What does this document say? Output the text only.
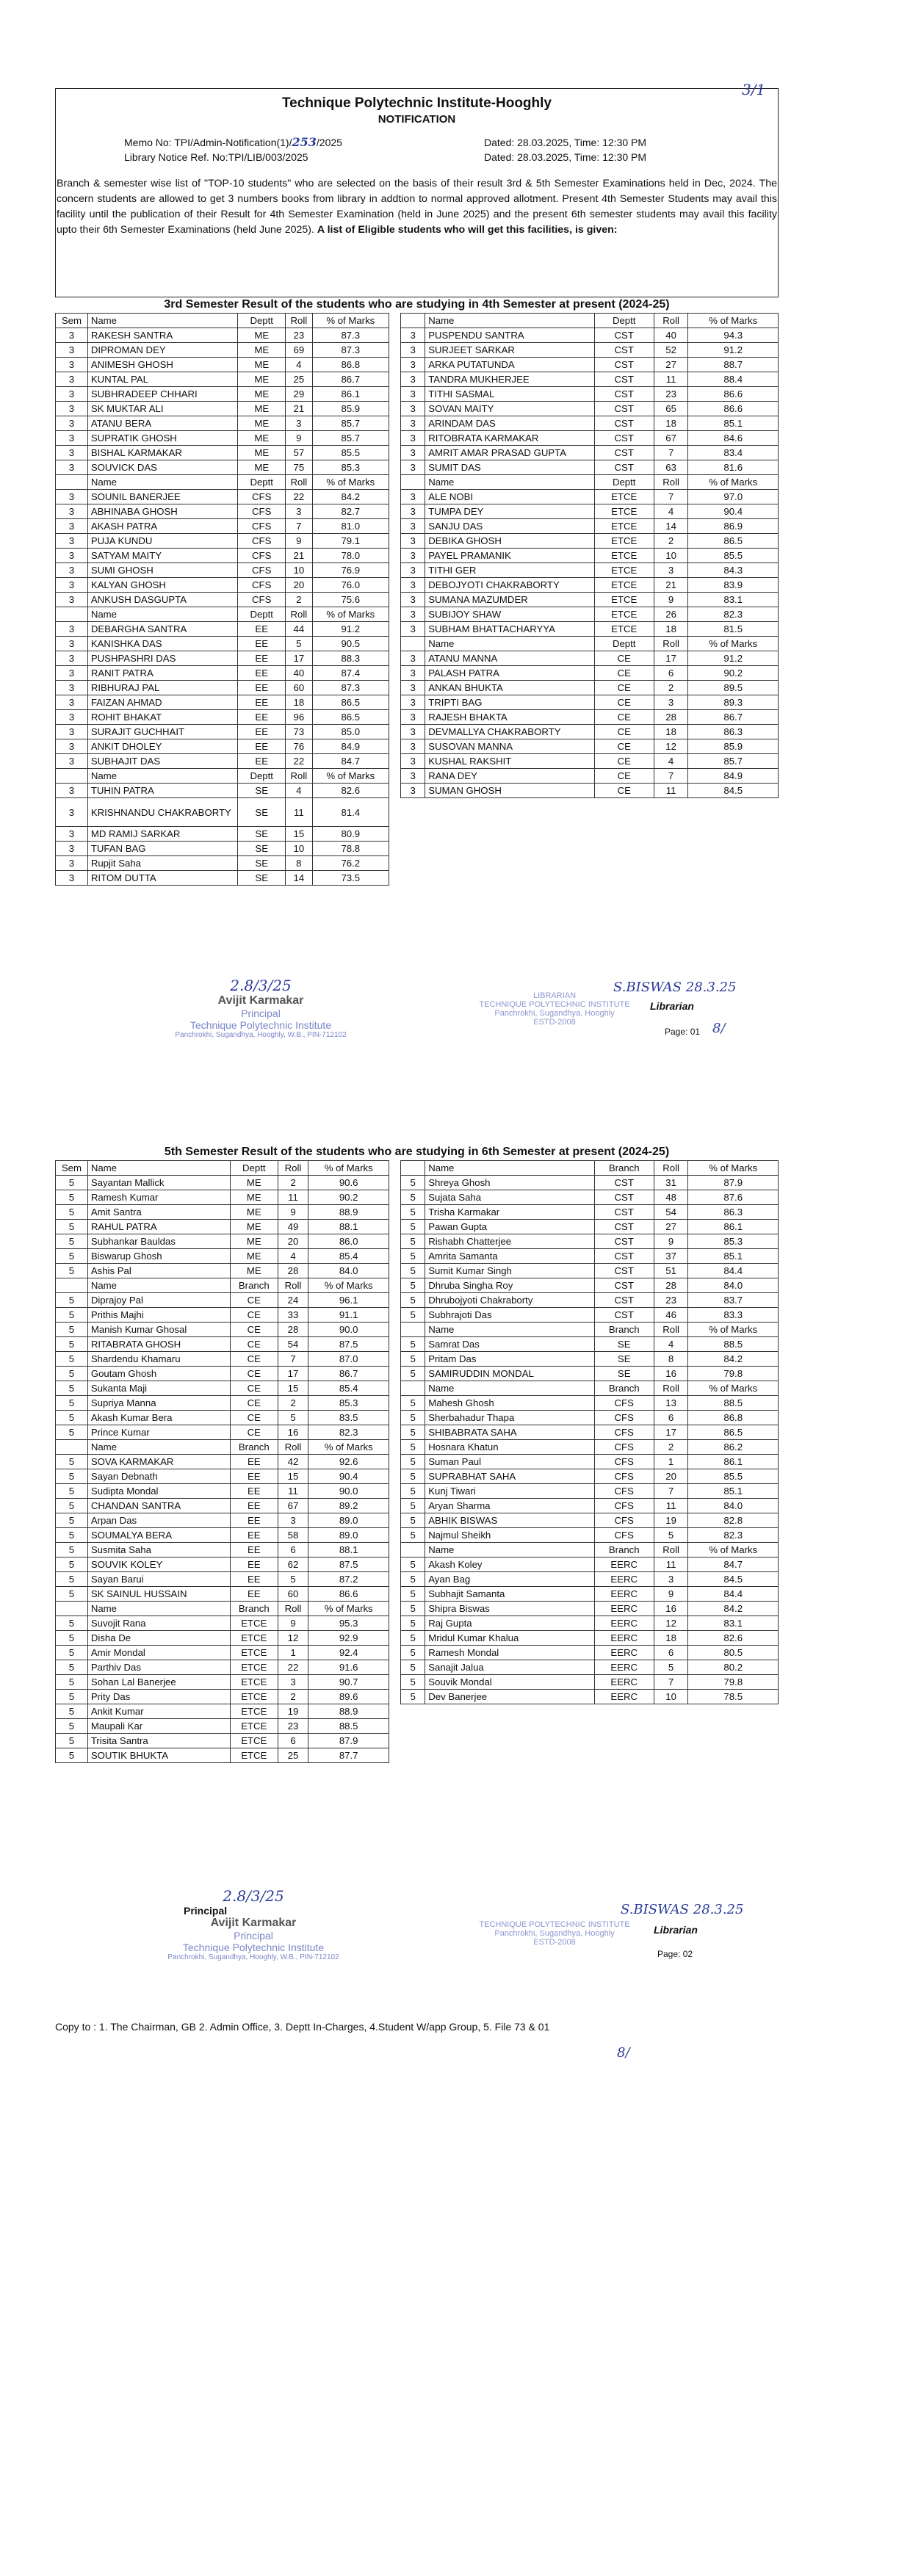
3/1
Technique Polytechnic Institute-Hooghly
NOTIFICATION
Memo No: TPI/Admin-Notification(1)/253/2025	Dated: 28.03.2025, Time: 12:30 PM
Library Notice Ref. No:TPI/LIB/003/2025	Dated: 28.03.2025, Time: 12:30 PM
Branch & semester wise list of "TOP-10 students" who are selected on the basis of their result 3rd & 5th Semester Examinations held in Dec, 2024. The concern students are allowed to get 3 numbers books from library in addtion to normal approved allotment. Present 4th Semester Students may avail this facility until the publication of their Result for 4th Semester Examination (held in June 2025) and the present 6th semester students may avail this facility upto their 6th Semester Examinations (held June 2025). A list of Eligible students who will get this facilities, is given:
3rd Semester Result of the students who are studying in 4th Semester at present (2024-25)
Sem	Name	Deptt	Roll	% of Marks
3	RAKESH SANTRA	ME	23	87.3
3	DIPROMAN DEY	ME	69	87.3
3	ANIMESH GHOSH	ME	4	86.8
3	KUNTAL PAL	ME	25	86.7
3	SUBHRADEEP CHHARI	ME	29	86.1
3	SK MUKTAR ALI	ME	21	85.9
3	ATANU BERA	ME	3	85.7
3	SUPRATIK GHOSH	ME	9	85.7
3	BISHAL KARMAKAR	ME	57	85.5
3	SOUVICK DAS	ME	75	85.3
	Name	Deptt	Roll	% of Marks
3	SOUNIL BANERJEE	CFS	22	84.2
3	ABHINABA GHOSH	CFS	3	82.7
3	AKASH PATRA	CFS	7	81.0
3	PUJA KUNDU	CFS	9	79.1
3	SATYAM MAITY	CFS	21	78.0
3	SUMI GHOSH	CFS	10	76.9
3	KALYAN GHOSH	CFS	20	76.0
3	ANKUSH DASGUPTA	CFS	2	75.6
	Name	Deptt	Roll	% of Marks
3	DEBARGHA SANTRA	EE	44	91.2
3	KANISHKA DAS	EE	5	90.5
3	PUSHPASHRI DAS	EE	17	88.3
3	RANIT PATRA	EE	40	87.4
3	RIBHURAJ PAL	EE	60	87.3
3	FAIZAN AHMAD	EE	18	86.5
3	ROHIT BHAKAT	EE	96	86.5
3	SURAJIT GUCHHAIT	EE	73	85.0
3	ANKIT DHOLEY	EE	76	84.9
3	SUBHAJIT DAS	EE	22	84.7
	Name	Deptt	Roll	% of Marks
3	TUHIN PATRA	SE	4	82.6
3	KRISHNANDU CHAKRABORTY	SE	11	81.4
3	MD RAMIJ SARKAR	SE	15	80.9
3	TUFAN BAG	SE	10	78.8
3	Rupjit Saha	SE	8	76.2
3	RITOM DUTTA	SE	14	73.5
	Name	Deptt	Roll	% of Marks
3	PUSPENDU SANTRA	CST	40	94.3
3	SURJEET SARKAR	CST	52	91.2
3	ARKA PUTATUNDA	CST	27	88.7
3	TANDRA MUKHERJEE	CST	11	88.4
3	TITHI SASMAL	CST	23	86.6
3	SOVAN MAITY	CST	65	86.6
3	ARINDAM DAS	CST	18	85.1
3	RITOBRATA KARMAKAR	CST	67	84.6
3	AMRIT AMAR PRASAD GUPTA	CST	7	83.4
3	SUMIT DAS	CST	63	81.6
	Name	Deptt	Roll	% of Marks
3	ALE NOBI	ETCE	7	97.0
3	TUMPA DEY	ETCE	4	90.4
3	SANJU DAS	ETCE	14	86.9
3	DEBIKA GHOSH	ETCE	2	86.5
3	PAYEL PRAMANIK	ETCE	10	85.5
3	TITHI GER	ETCE	3	84.3
3	DEBOJYOTI CHAKRABORTY	ETCE	21	83.9
3	SUMANA MAZUMDER	ETCE	9	83.1
3	SUBIJOY SHAW	ETCE	26	82.3
3	SUBHAM BHATTACHARYYA	ETCE	18	81.5
	Name	Deptt	Roll	% of Marks
3	ATANU MANNA	CE	17	91.2
3	PALASH PATRA	CE	6	90.2
3	ANKAN BHUKTA	CE	2	89.5
3	TRIPTI BAG	CE	3	89.3
3	RAJESH BHAKTA	CE	28	86.7
3	DEVMALLYA CHAKRABORTY	CE	18	86.3
3	SUSOVAN MANNA	CE	12	85.9
3	KUSHAL RAKSHIT	CE	4	85.7
3	RANA DEY	CE	7	84.9
3	SUMAN GHOSH	CE	11	84.5
2.8/3/25
Avijit Karmakar
Principal
Technique Polytechnic Institute
Panchrokhi, Sugandhya, Hooghly, W.B., PIN-712102
LIBRARIAN
TECHNIQUE POLYTECHNIC INSTITUTE
Panchrokhi, Sugandhya, Hooghly
ESTD-2008
S.BISWAS 28.3.25
Librarian
Page: 01 8/
5th Semester Result of the students who are studying in 6th Semester at present (2024-25)
Sem	Name	Deptt	Roll	% of Marks
5	Sayantan Mallick	ME	2	90.6
5	Ramesh Kumar	ME	11	90.2
5	Amit Santra	ME	9	88.9
5	RAHUL PATRA	ME	49	88.1
5	Subhankar Bauldas	ME	20	86.0
5	Biswarup Ghosh	ME	4	85.4
5	Ashis Pal	ME	28	84.0
	Name	Branch	Roll	% of Marks
5	Diprajoy Pal	CE	24	96.1
5	Prithis Majhi	CE	33	91.1
5	Manish Kumar Ghosal	CE	28	90.0
5	RITABRATA GHOSH	CE	54	87.5
5	Shardendu Khamaru	CE	7	87.0
5	Goutam Ghosh	CE	17	86.7
5	Sukanta Maji	CE	15	85.4
5	Supriya Manna	CE	2	85.3
5	Akash Kumar Bera	CE	5	83.5
5	Prince Kumar	CE	16	82.3
	Name	Branch	Roll	% of Marks
5	SOVA KARMAKAR	EE	42	92.6
5	Sayan Debnath	EE	15	90.4
5	Sudipta Mondal	EE	11	90.0
5	CHANDAN SANTRA	EE	67	89.2
5	Arpan Das	EE	3	89.0
5	SOUMALYA BERA	EE	58	89.0
5	Susmita Saha	EE	6	88.1
5	SOUVIK KOLEY	EE	62	87.5
5	Sayan Barui	EE	5	87.2
5	SK SAINUL HUSSAIN	EE	60	86.6
	Name	Branch	Roll	% of Marks
5	Suvojit Rana	ETCE	9	95.3
5	Disha De	ETCE	12	92.9
5	Amir Mondal	ETCE	1	92.4
5	Parthiv Das	ETCE	22	91.6
5	Sohan Lal Banerjee	ETCE	3	90.7
5	Prity Das	ETCE	2	89.6
5	Ankit Kumar	ETCE	19	88.9
5	Maupali Kar	ETCE	23	88.5
5	Trisita Santra	ETCE	6	87.9
5	SOUTIK BHUKTA	ETCE	25	87.7
	Name	Branch	Roll	% of Marks
5	Shreya Ghosh	CST	31	87.9
5	Sujata Saha	CST	48	87.6
5	Trisha Karmakar	CST	54	86.3
5	Pawan Gupta	CST	27	86.1
5	Rishabh Chatterjee	CST	9	85.3
5	Amrita Samanta	CST	37	85.1
5	Sumit Kumar Singh	CST	51	84.4
5	Dhruba Singha Roy	CST	28	84.0
5	Dhrubojyoti Chakraborty	CST	23	83.7
5	Subhrajoti Das	CST	46	83.3
	Name	Branch	Roll	% of Marks
5	Samrat Das	SE	4	88.5
5	Pritam Das	SE	8	84.2
5	SAMIRUDDIN MONDAL	SE	16	79.8
	Name	Branch	Roll	% of Marks
5	Mahesh Ghosh	CFS	13	88.5
5	Sherbahadur Thapa	CFS	6	86.8
5	SHIBABRATA SAHA	CFS	17	86.5
5	Hosnara Khatun	CFS	2	86.2
5	Suman Paul	CFS	1	86.1
5	SUPRABHAT SAHA	CFS	20	85.5
5	Kunj Tiwari	CFS	7	85.1
5	Aryan Sharma	CFS	11	84.0
5	ABHIK BISWAS	CFS	19	82.8
5	Najmul Sheikh	CFS	5	82.3
	Name	Branch	Roll	% of Marks
5	Akash Koley	EERC	11	84.7
5	Ayan Bag	EERC	3	84.5
5	Subhajit Samanta	EERC	9	84.4
5	Shipra Biswas	EERC	16	84.2
5	Raj Gupta	EERC	12	83.1
5	Mridul Kumar Khalua	EERC	18	82.6
5	Ramesh Mondal	EERC	6	80.5
5	Sanajit Jalua	EERC	5	80.2
5	Souvik Mondal	EERC	7	79.8
5	Dev Banerjee	EERC	10	78.5
2.8/3/25
Principal
Avijit Karmakar
Principal
Technique Polytechnic Institute
Panchrokhi, Sugandhya, Hooghly, W.B., PIN-712102
TECHNIQUE POLYTECHNIC INSTITUTE
Panchrokhi, Sugandhya, Hooghly
ESTD-2008
S.BISWAS 28.3.25
Librarian
Page: 02
Copy to : 1. The Chairman, GB 2. Admin Office, 3. Deptt In-Charges, 4.Student W/app Group, 5. File 73 & 01
8/
